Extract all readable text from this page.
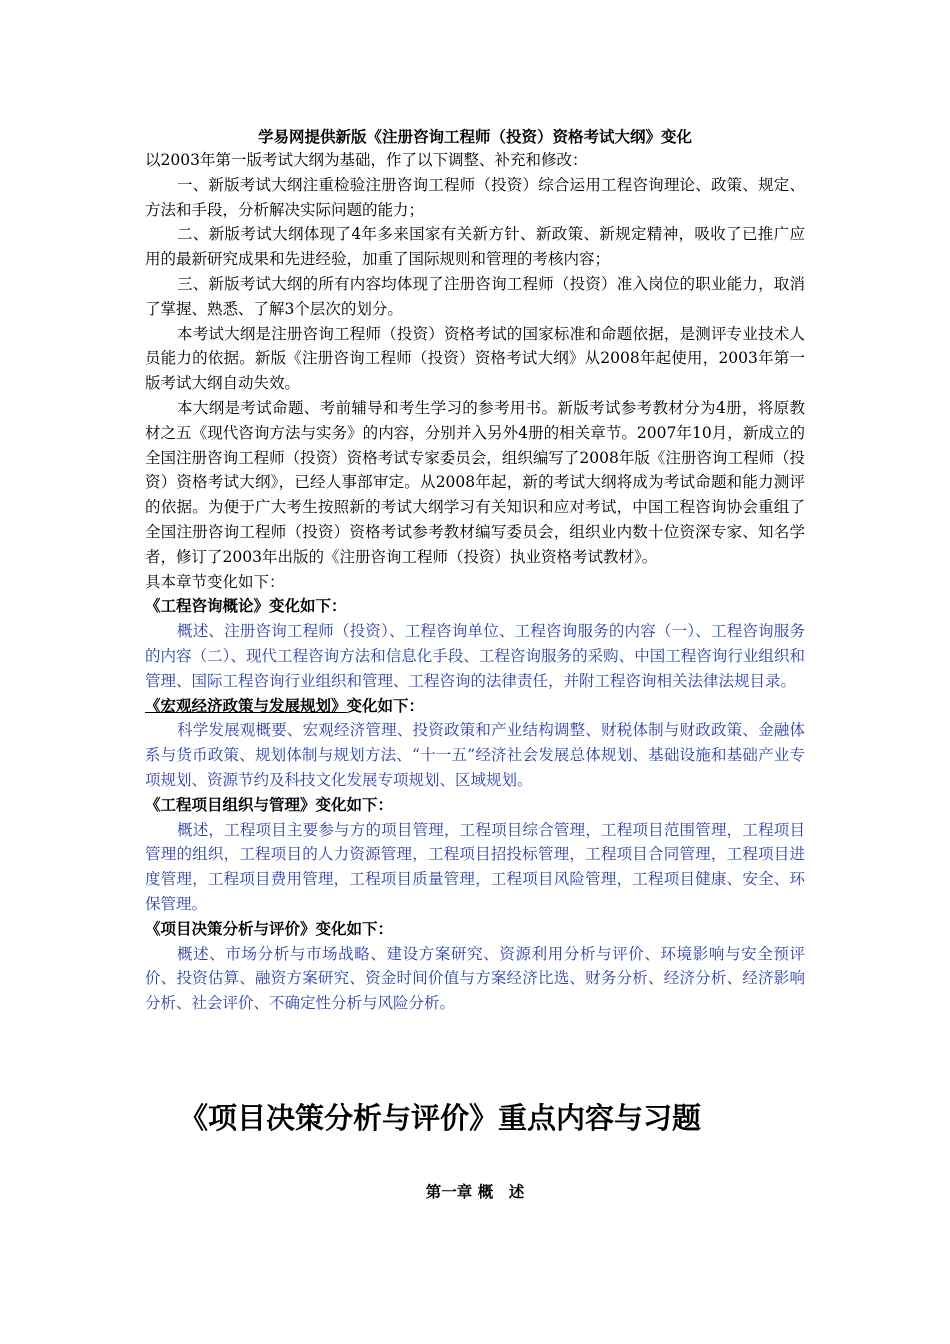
学易网提供新版《注册咨询工程师（投资）资格考试大纲》变化

以2003年第一版考试大纲为基础，作了以下调整、补充和修改：

一、新版考试大纲注重检验注册咨询工程师（投资）综合运用工程咨询理论、政策、规定、方法和手段，分析解决实际问题的能力；

二、新版考试大纲体现了4年多来国家有关新方针、新政策、新规定精神，吸收了已推广应用的最新研究成果和先进经验，加重了国际规则和管理的考核内容；

三、新版考试大纲的所有内容均体现了注册咨询工程师（投资）准入岗位的职业能力，取消了掌握、熟悉、了解3个层次的划分。

本考试大纲是注册咨询工程师（投资）资格考试的国家标准和命题依据，是测评专业技术人员能力的依据。新版《注册咨询工程师（投资）资格考试大纲》从2008年起使用，2003年第一版考试大纲自动失效。

本大纲是考试命题、考前辅导和考生学习的参考用书。新版考试参考教材分为4册，将原教材之五《现代咨询方法与实务》的内容，分别并入另外4册的相关章节。2007年10月，新成立的全国注册咨询工程师（投资）资格考试专家委员会，组织编写了2008年版《注册咨询工程师（投资）资格考试大纲》，已经人事部审定。从2008年起，新的考试大纲将成为考试命题和能力测评的依据。为便于广大考生按照新的考试大纲学习有关知识和应对考试，中国工程咨询协会重组了全国注册咨询工程师（投资）资格考试参考教材编写委员会，组织业内数十位资深专家、知名学者，修订了2003年出版的《注册咨询工程师（投资）执业资格考试教材》。

具本章节变化如下：

《工程咨询概论》变化如下：

概述、注册咨询工程师（投资）、工程咨询单位、工程咨询服务的内容（一）、工程咨询服务的内容（二）、现代工程咨询方法和信息化手段、工程咨询服务的采购、中国工程咨询行业组织和管理、国际工程咨询行业组织和管理、工程咨询的法律责任，并附工程咨询相关法律法规目录。

《宏观经济政策与发展规划》变化如下：

科学发展观概要、宏观经济管理、投资政策和产业结构调整、财税体制与财政政策、金融体系与货币政策、规划体制与规划方法、“十一五”经济社会发展总体规划、基础设施和基础产业专项规划、资源节约及科技文化发展专项规划、区域规划。

《工程项目组织与管理》变化如下：

概述，工程项目主要参与方的项目管理，工程项目综合管理，工程项目范围管理，工程项目管理的组织，工程项目的人力资源管理，工程项目招投标管理，工程项目合同管理，工程项目进度管理，工程项目费用管理，工程项目质量管理，工程项目风险管理，工程项目健康、安全、环保管理。

《项目决策分析与评价》变化如下：

概述、市场分析与市场战略、建设方案研究、资源利用分析与评价、环境影响与安全预评价、投资估算、融资方案研究、资金时间价值与方案经济比选、财务分析、经济分析、经济影响分析、社会评价、不确定性分析与风险分析。

《项目决策分析与评价》重点内容与习题
第一章 概　述
